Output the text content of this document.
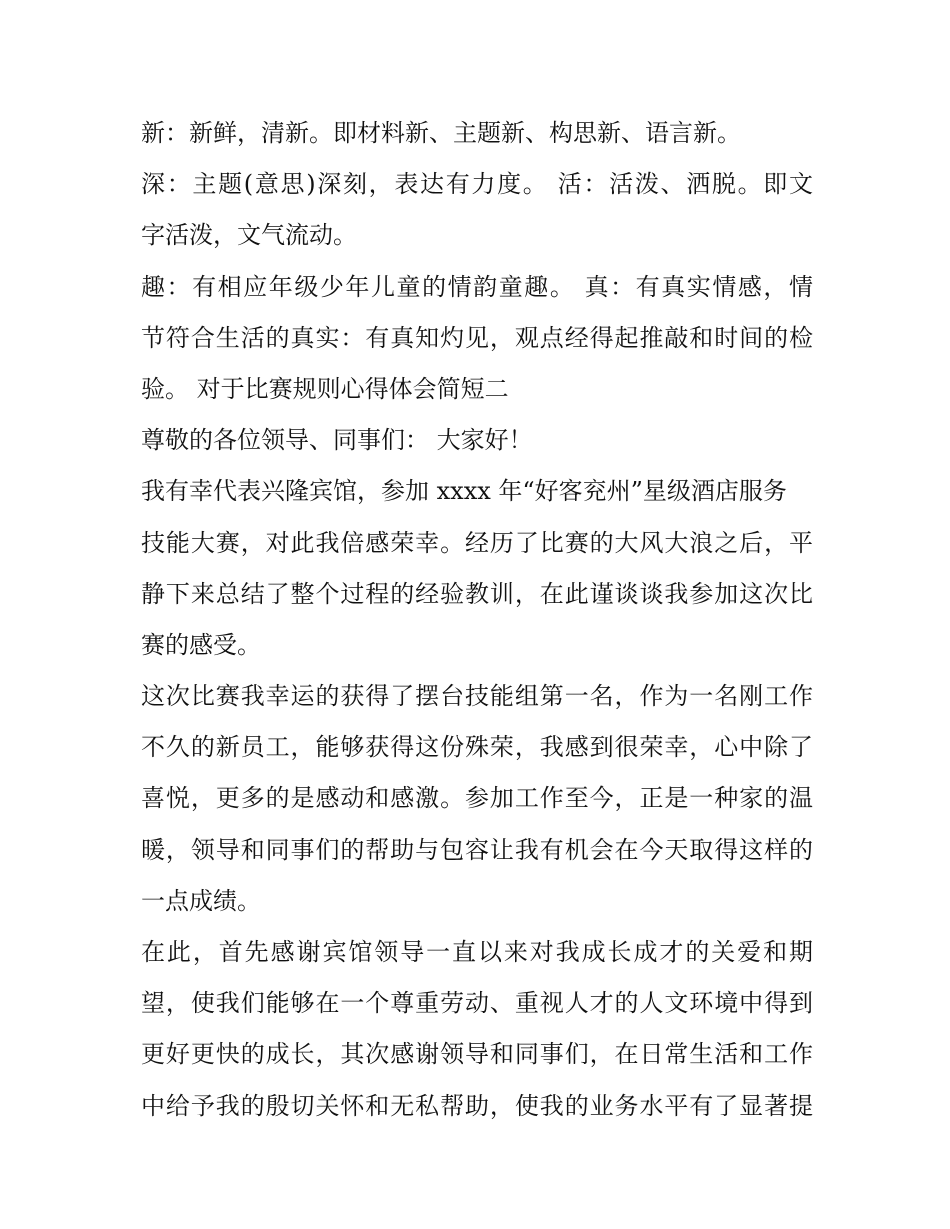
新：新鲜，清新。即材料新、主题新、构思新、语言新。
深：主题(意思)深刻，表达有力度。 活：活泼、洒脱。即文
字活泼，文气流动。
趣：有相应年级少年儿童的情韵童趣。 真：有真实情感，情
节符合生活的真实：有真知灼见，观点经得起推敲和时间的检
验。 对于比赛规则心得体会简短二
尊敬的各位领导、同事们： 大家好！
我有幸代表兴隆宾馆，参加 xxxx 年“好客兖州”星级酒店服务
技能大赛，对此我倍感荣幸。经历了比赛的大风大浪之后，平
静下来总结了整个过程的经验教训，在此谨谈谈我参加这次比
赛的感受。
这次比赛我幸运的获得了摆台技能组第一名，作为一名刚工作
不久的新员工，能够获得这份殊荣，我感到很荣幸，心中除了
喜悦，更多的是感动和感激。参加工作至今，正是一种家的温
暖，领导和同事们的帮助与包容让我有机会在今天取得这样的
一点成绩。
在此，首先感谢宾馆领导一直以来对我成长成才的关爱和期
望，使我们能够在一个尊重劳动、重视人才的人文环境中得到
更好更快的成长，其次感谢领导和同事们，在日常生活和工作
中给予我的殷切关怀和无私帮助，使我的业务水平有了显著提
